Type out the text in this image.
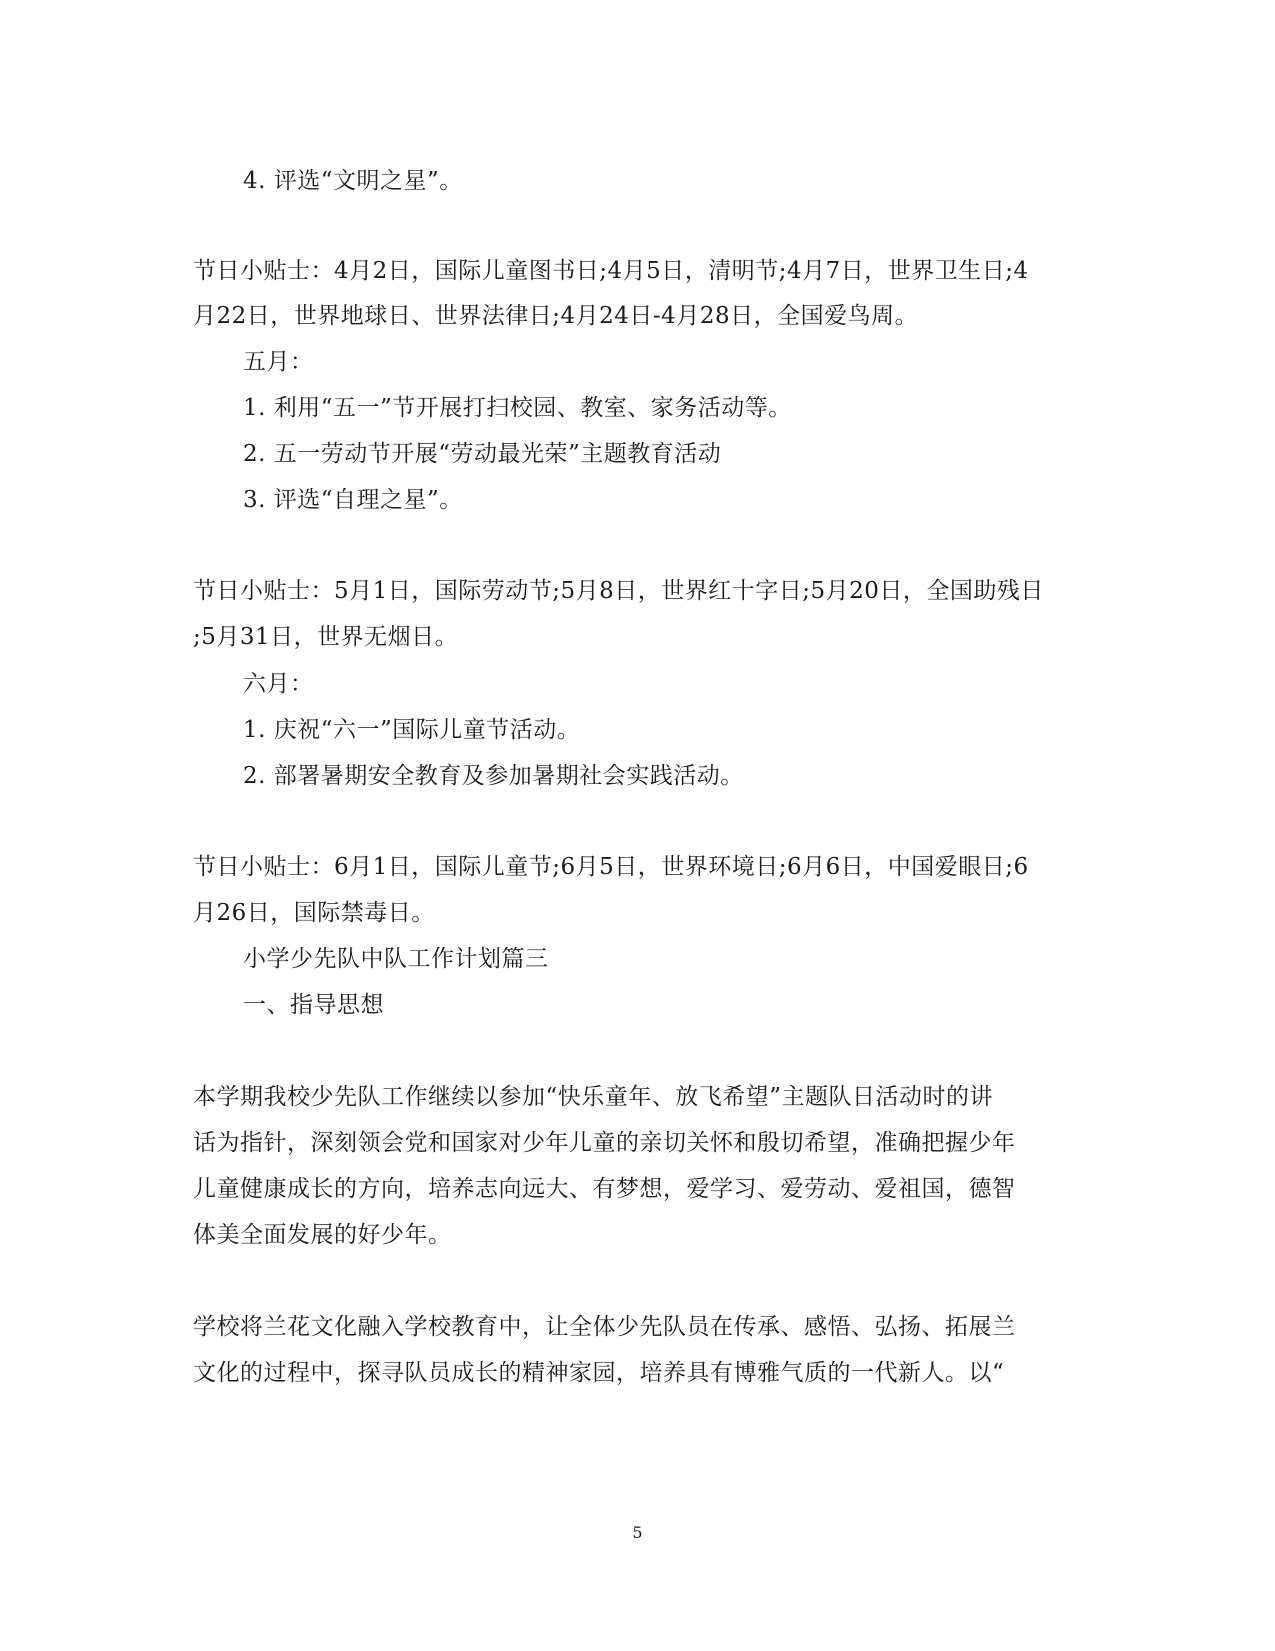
4. 评选“文明之星”。
节日小贴士：4月2日，国际儿童图书日;4月5日，清明节;4月7日，世界卫生日;4
月22日，世界地球日、世界法律日;4月24日-4月28日，全国爱鸟周。
五月：
1. 利用“五一”节开展打扫校园、教室、家务活动等。
2. 五一劳动节开展“劳动最光荣”主题教育活动
3. 评选“自理之星”。
节日小贴士：5月1日，国际劳动节;5月8日，世界红十字日;5月20日，全国助残日
;5月31日，世界无烟日。
六月：
1. 庆祝“六一”国际儿童节活动。
2. 部署暑期安全教育及参加暑期社会实践活动。
节日小贴士：6月1日，国际儿童节;6月5日，世界环境日;6月6日，中国爱眼日;6
月26日，国际禁毒日。
小学少先队中队工作计划篇三
一、指导思想
本学期我校少先队工作继续以参加“快乐童年、放飞希望”主题队日活动时的讲
话为指针，深刻领会党和国家对少年儿童的亲切关怀和殷切希望，准确把握少年
儿童健康成长的方向，培养志向远大、有梦想，爱学习、爱劳动、爱祖国，德智
体美全面发展的好少年。
学校将兰花文化融入学校教育中，让全体少先队员在传承、感悟、弘扬、拓展兰
文化的过程中，探寻队员成长的精神家园，培养具有博雅气质的一代新人。以“
5
